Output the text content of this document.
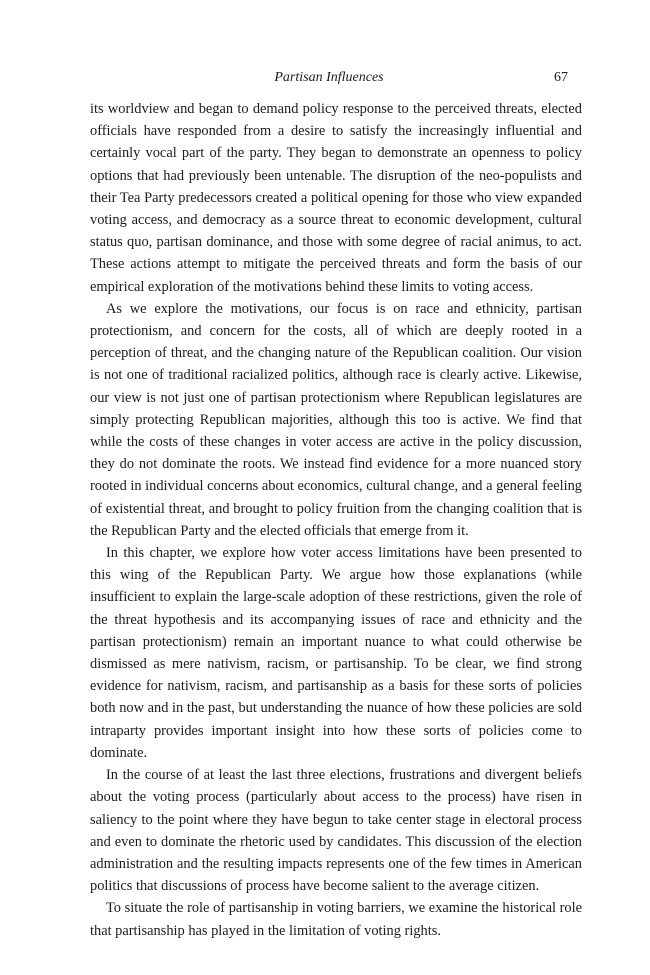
Partisan Influences	67

its worldview and began to demand policy response to the perceived threats, elected officials have responded from a desire to satisfy the increasingly influential and certainly vocal part of the party. They began to demonstrate an openness to policy options that had previously been untenable. The disruption of the neo-populists and their Tea Party predecessors created a political opening for those who view expanded voting access, and democracy as a source threat to economic development, cultural status quo, partisan dominance, and those with some degree of racial animus, to act. These actions attempt to mitigate the perceived threats and form the basis of our empirical exploration of the motivations behind these limits to voting access.

As we explore the motivations, our focus is on race and ethnicity, partisan protectionism, and concern for the costs, all of which are deeply rooted in a perception of threat, and the changing nature of the Republican coalition. Our vision is not one of traditional racialized politics, although race is clearly active. Likewise, our view is not just one of partisan protectionism where Republican legislatures are simply protecting Republican majorities, although this too is active. We find that while the costs of these changes in voter access are active in the policy discussion, they do not dominate the roots. We instead find evidence for a more nuanced story rooted in individual concerns about economics, cultural change, and a general feeling of existential threat, and brought to policy fruition from the changing coalition that is the Republican Party and the elected officials that emerge from it.

In this chapter, we explore how voter access limitations have been presented to this wing of the Republican Party. We argue how those explanations (while insufficient to explain the large-scale adoption of these restrictions, given the role of the threat hypothesis and its accompanying issues of race and ethnicity and the partisan protectionism) remain an important nuance to what could otherwise be dismissed as mere nativism, racism, or partisanship. To be clear, we find strong evidence for nativism, racism, and partisanship as a basis for these sorts of policies both now and in the past, but understanding the nuance of how these policies are sold intraparty provides important insight into how these sorts of policies come to dominate.

In the course of at least the last three elections, frustrations and divergent beliefs about the voting process (particularly about access to the process) have risen in saliency to the point where they have begun to take center stage in electoral process and even to dominate the rhetoric used by candidates. This discussion of the election administration and the resulting impacts represents one of the few times in American politics that discussions of process have become salient to the average citizen.

To situate the role of partisanship in voting barriers, we examine the historical role that partisanship has played in the limitation of voting rights.
